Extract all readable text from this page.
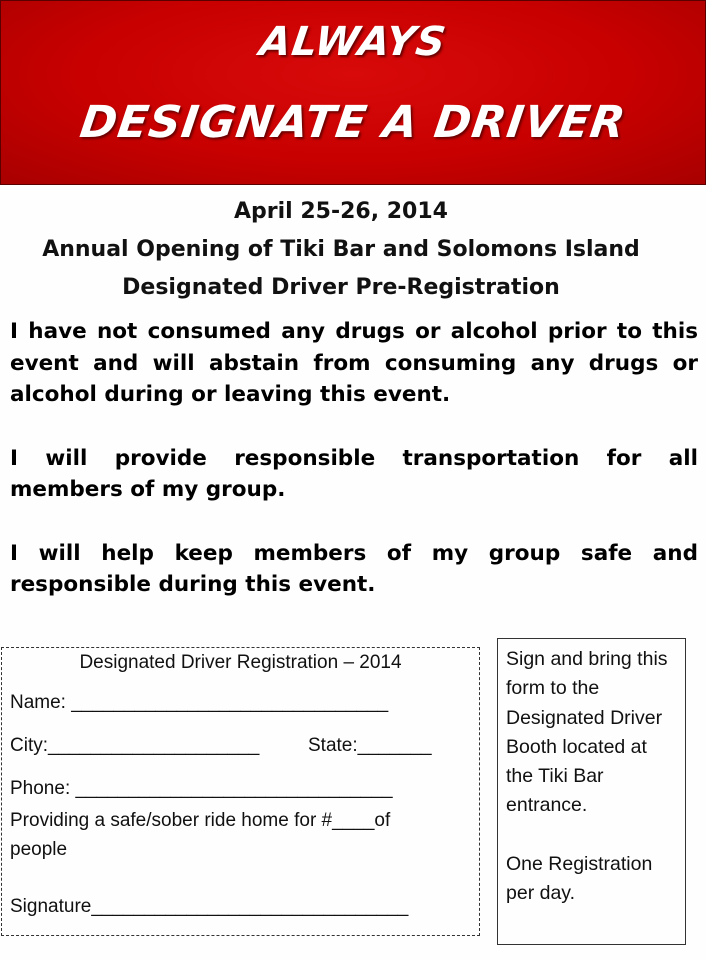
ALWAYS
DESIGNATE A DRIVER
April 25-26, 2014
Annual Opening of Tiki Bar and Solomons Island
Designated Driver Pre-Registration

I have not consumed any drugs or alcohol prior to this event and will abstain from consuming any drugs or alcohol during or leaving this event.

I will provide responsible transportation for all members of my group.

I will help keep members of my group safe and responsible during this event.

Designated Driver Registration – 2014
Name: ______________________________
City:____________________	State:_______
Phone: ______________________________
Providing a safe/sober ride home for #____of
people
Signature______________________________

Sign and bring this form to the Designated Driver Booth located at the Tiki Bar entrance.

One Registration per day.
